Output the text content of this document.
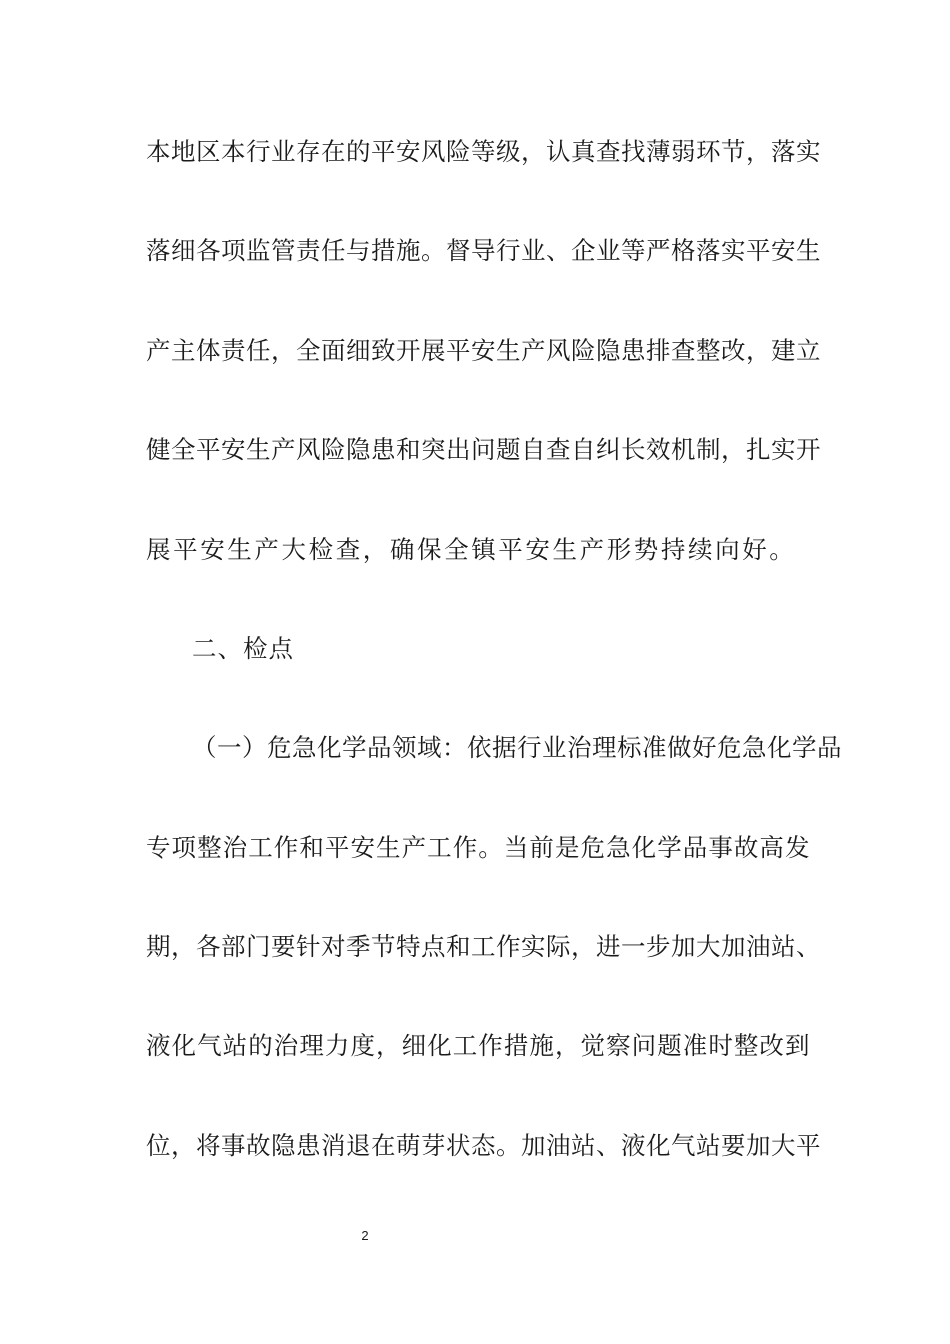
本地区本行业存在的平安风险等级，认真查找薄弱环节，落实
落细各项监管责任与措施。督导行业、企业等严格落实平安生
产主体责任，全面细致开展平安生产风险隐患排查整改，建立
健全平安生产风险隐患和突出问题自查自纠长效机制，扎实开
展平安生产大检查，确保全镇平安生产形势持续向好。
二、检点
（一）危急化学品领域：依据行业治理标准做好危急化学品
专项整治工作和平安生产工作。当前是危急化学品事故高发
期，各部门要针对季节特点和工作实际，进一步加大加油站、
液化气站的治理力度，细化工作措施，觉察问题准时整改到
位，将事故隐患消退在萌芽状态。加油站、液化气站要加大平
2
